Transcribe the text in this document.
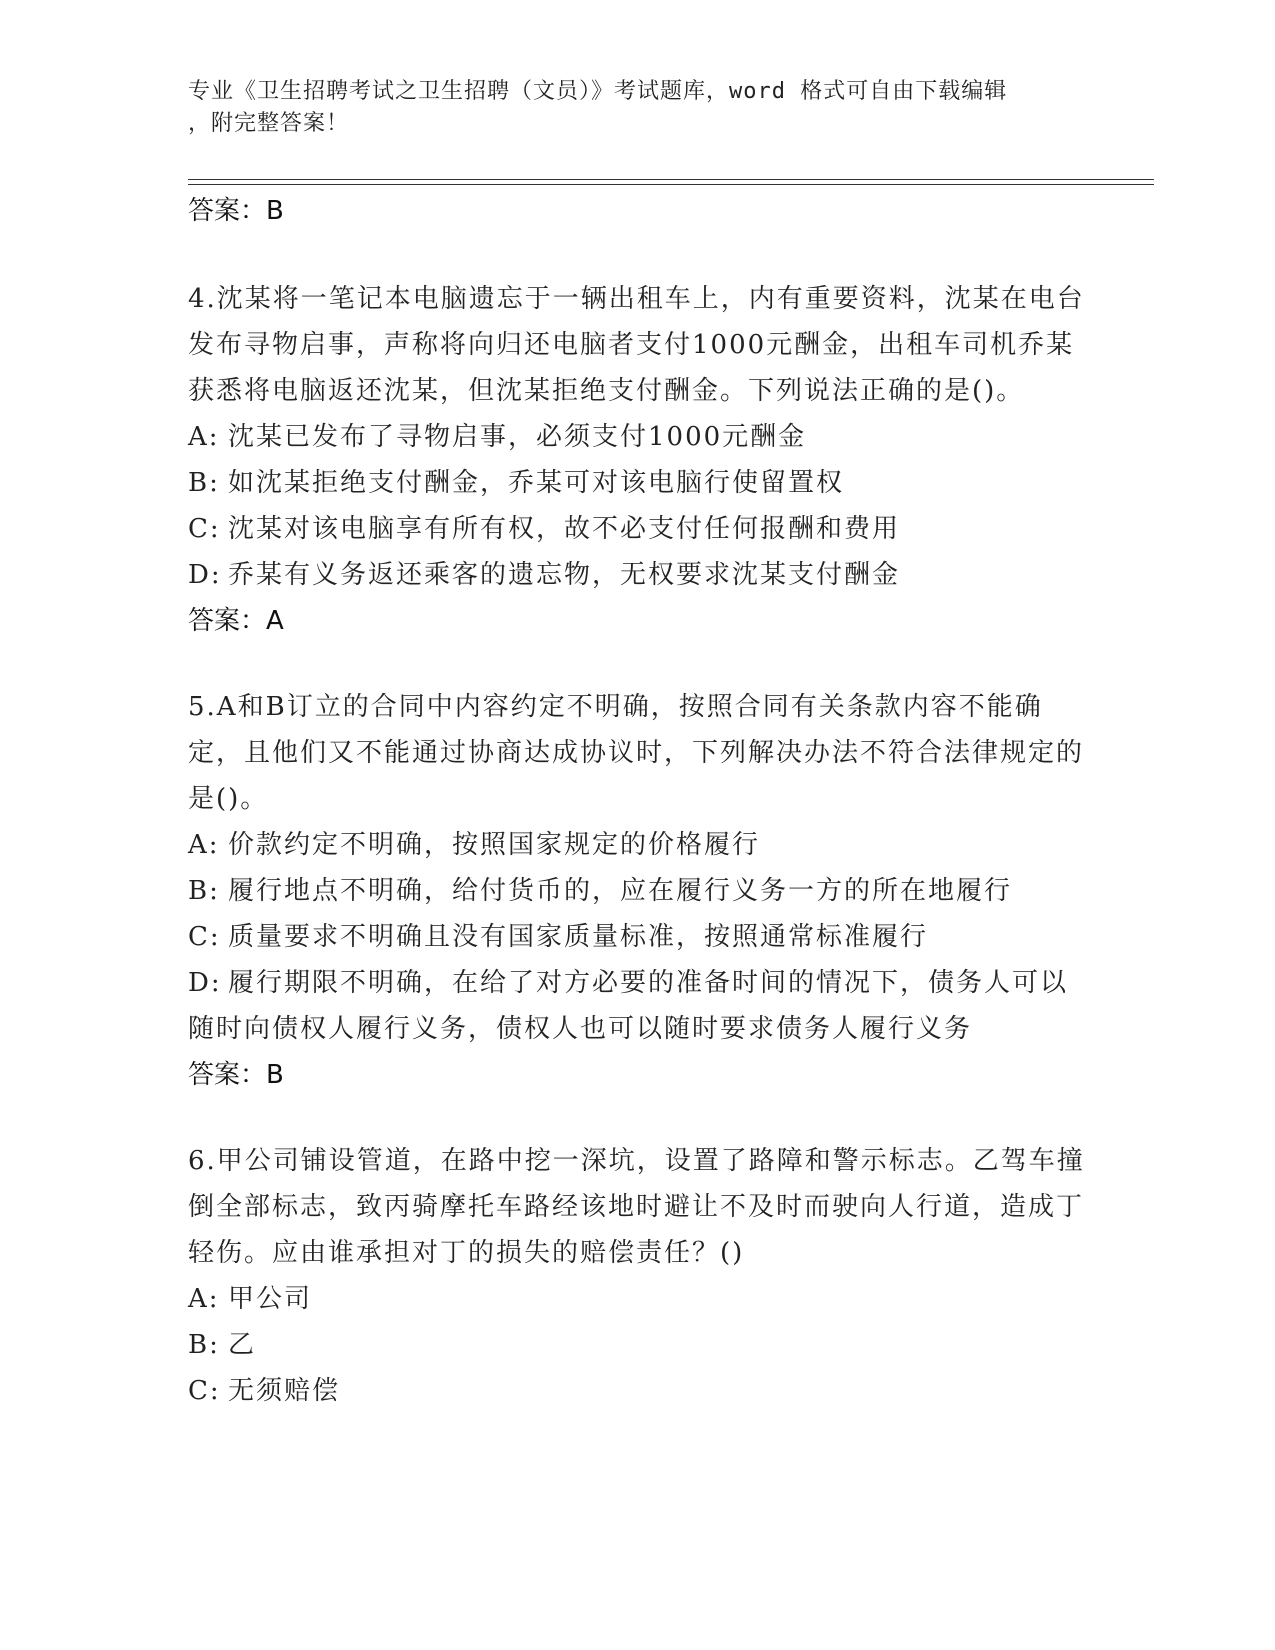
专业《卫生招聘考试之卫生招聘（文员）》考试题库，word 格式可自由下载编辑
，附完整答案！

答案：B

4.沈某将一笔记本电脑遗忘于一辆出租车上，内有重要资料，沈某在电台发布寻物启事，声称将向归还电脑者支付1000元酬金，出租车司机乔某获悉将电脑返还沈某，但沈某拒绝支付酬金。下列说法正确的是()。

A: 沈某已发布了寻物启事，必须支付1000元酬金

B: 如沈某拒绝支付酬金，乔某可对该电脑行使留置权

C: 沈某对该电脑享有所有权，故不必支付任何报酬和费用

D: 乔某有义务返还乘客的遗忘物，无权要求沈某支付酬金

答案：A

5.A和B订立的合同中内容约定不明确，按照合同有关条款内容不能确定，且他们又不能通过协商达成协议时，下列解决办法不符合法律规定的是()。

A: 价款约定不明确，按照国家规定的价格履行

B: 履行地点不明确，给付货币的，应在履行义务一方的所在地履行

C: 质量要求不明确且没有国家质量标准，按照通常标准履行

D: 履行期限不明确，在给了对方必要的准备时间的情况下，债务人可以随时向债权人履行义务，债权人也可以随时要求债务人履行义务

答案：B

6.甲公司铺设管道，在路中挖一深坑，设置了路障和警示标志。乙驾车撞倒全部标志，致丙骑摩托车路经该地时避让不及时而驶向人行道，造成丁轻伤。应由谁承担对丁的损失的赔偿责任？()

A: 甲公司

B: 乙

C: 无须赔偿
